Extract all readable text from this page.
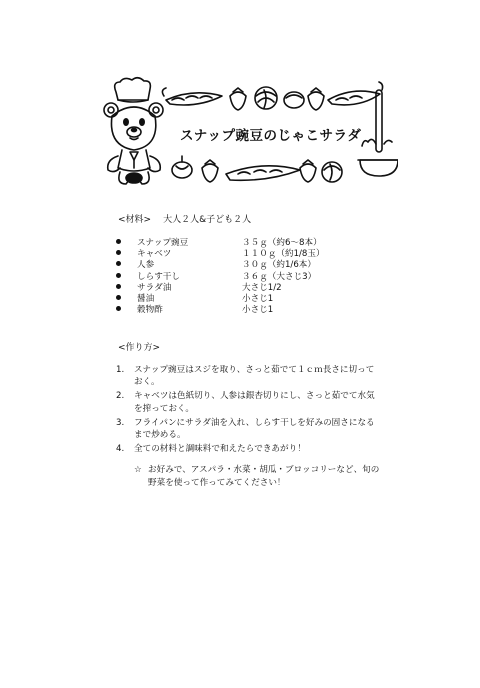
スナップ豌豆のじゃこサラダ
<材料> 大人２人&子ども２人
スナップ豌豆	３５ｇ（約6～8本）
キャベツ	１１０ｇ（約1/8玉）
人参	３０ｇ（約1/6本）
しらす干し	３６ｇ（大さじ3）
サラダ油	大さじ1/2
醤油	小さじ1
穀物酢	小さじ1
<作り方>
1. スナップ豌豆はスジを取り、さっと茹でて１ｃｍ長さに切っておく。
2. キャベツは色紙切り、人参は銀杏切りにし、さっと茹でて水気を搾っておく。
3. フライパンにサラダ油を入れ、しらす干しを好みの固さになるまで炒める。
4. 全ての材料と調味料で和えたらできあがり！
☆ お好みで、アスパラ・水菜・胡瓜・ブロッコリーなど、旬の野菜を使って作ってみてください！
